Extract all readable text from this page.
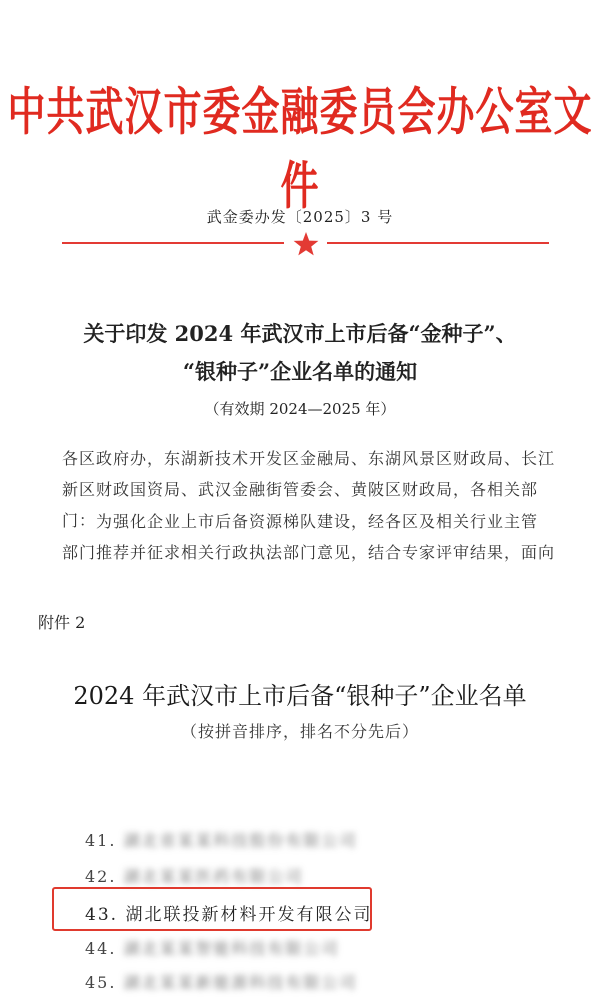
中共武汉市委金融委员会办公室文件
武金委办发〔2025〕3 号
关于印发 2024 年武汉市上市后备“金种子”、
“银种子”企业名单的通知
（有效期 2024—2025 年）
各区政府办，东湖新技术开发区金融局、东湖风景区财政局、长江
新区财政国资局、武汉金融街管委会、黄陂区财政局，各相关部门： 为强化企业上市后备资源梯队建设，经各区及相关行业主管
部门推荐并征求相关行政执法部门意见，结合专家评审结果，面向
附件 2
2024 年武汉市上市后备“银种子”企业名单
（按拼音排序，排名不分先后）
41. 湖北省某某科技股份有限公司
42. 湖北某某医药有限公司
43. 湖北联投新材料开发有限公司
44. 湖北某某智能科技有限公司
45. 湖北某某新能源科技有限公司
